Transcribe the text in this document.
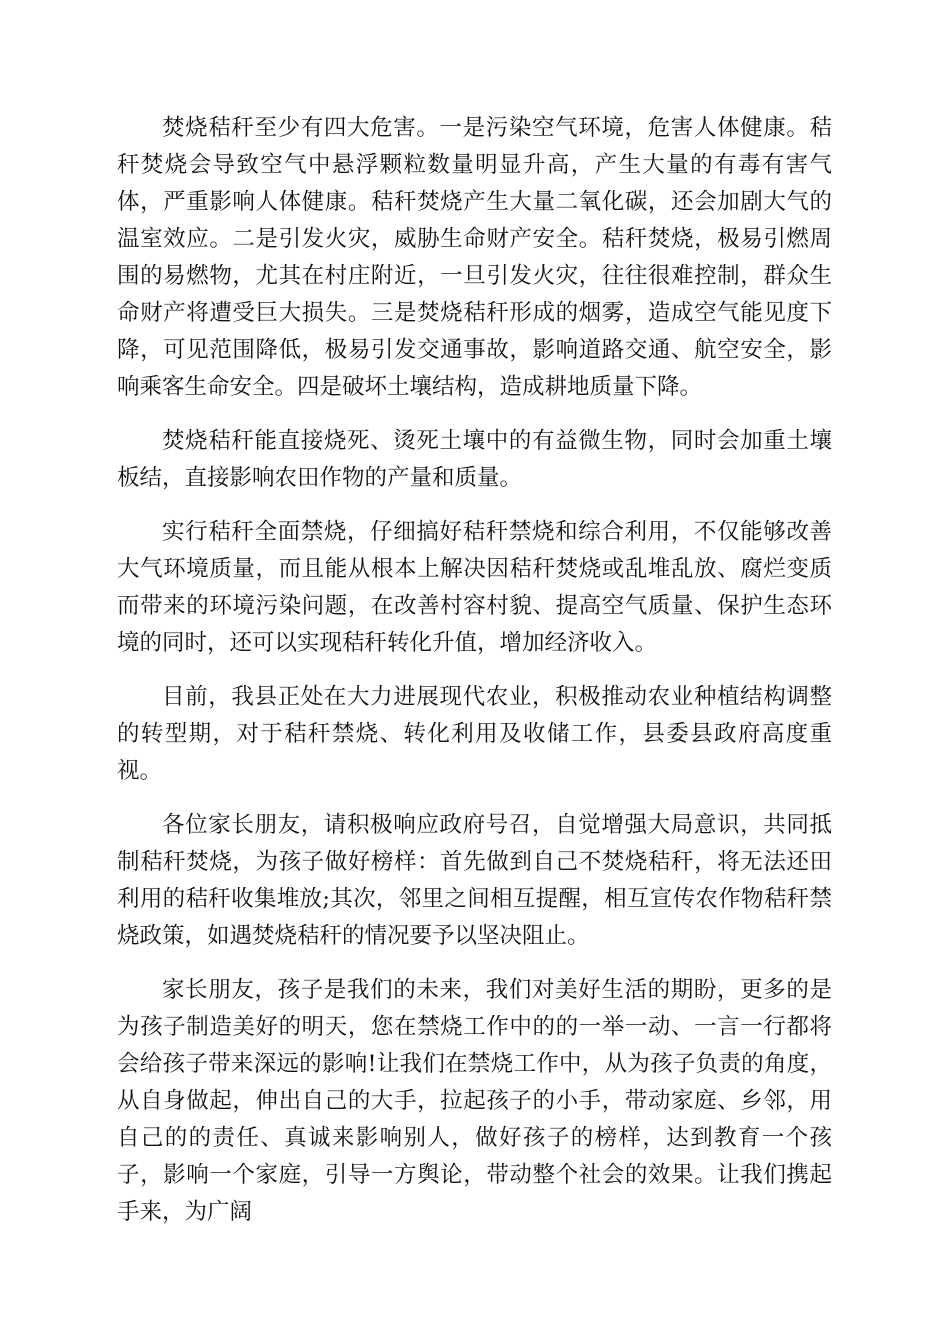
焚烧秸秆至少有四大危害。一是污染空气环境，危害人体健康。秸秆焚烧会导致空气中悬浮颗粒数量明显升高，产生大量的有毒有害气体，严重影响人体健康。秸秆焚烧产生大量二氧化碳，还会加剧大气的温室效应。二是引发火灾，威胁生命财产安全。秸秆焚烧，极易引燃周围的易燃物，尤其在村庄附近，一旦引发火灾，往往很难控制，群众生命财产将遭受巨大损失。三是焚烧秸秆形成的烟雾，造成空气能见度下降，可见范围降低，极易引发交通事故，影响道路交通、航空安全，影响乘客生命安全。四是破坏土壤结构，造成耕地质量下降。

焚烧秸秆能直接烧死、烫死土壤中的有益微生物，同时会加重土壤板结，直接影响农田作物的产量和质量。

实行秸秆全面禁烧，仔细搞好秸秆禁烧和综合利用，不仅能够改善大气环境质量，而且能从根本上解决因秸秆焚烧或乱堆乱放、腐烂变质而带来的环境污染问题，在改善村容村貌、提高空气质量、保护生态环境的同时，还可以实现秸秆转化升值，增加经济收入。

目前，我县正处在大力进展现代农业，积极推动农业种植结构调整的转型期，对于秸秆禁烧、转化利用及收储工作，县委县政府高度重视。

各位家长朋友，请积极响应政府号召，自觉增强大局意识，共同抵制秸秆焚烧，为孩子做好榜样：首先做到自己不焚烧秸秆，将无法还田利用的秸秆收集堆放;其次，邻里之间相互提醒，相互宣传农作物秸秆禁烧政策，如遇焚烧秸秆的情况要予以坚决阻止。

家长朋友，孩子是我们的未来，我们对美好生活的期盼，更多的是为孩子制造美好的明天，您在禁烧工作中的的一举一动、一言一行都将会给孩子带来深远的影响!让我们在禁烧工作中，从为孩子负责的角度，从自身做起，伸出自己的大手，拉起孩子的小手，带动家庭、乡邻，用自己的的责任、真诚来影响别人，做好孩子的榜样，达到教育一个孩子，影响一个家庭，引导一方舆论，带动整个社会的效果。让我们携起手来，为广阔
